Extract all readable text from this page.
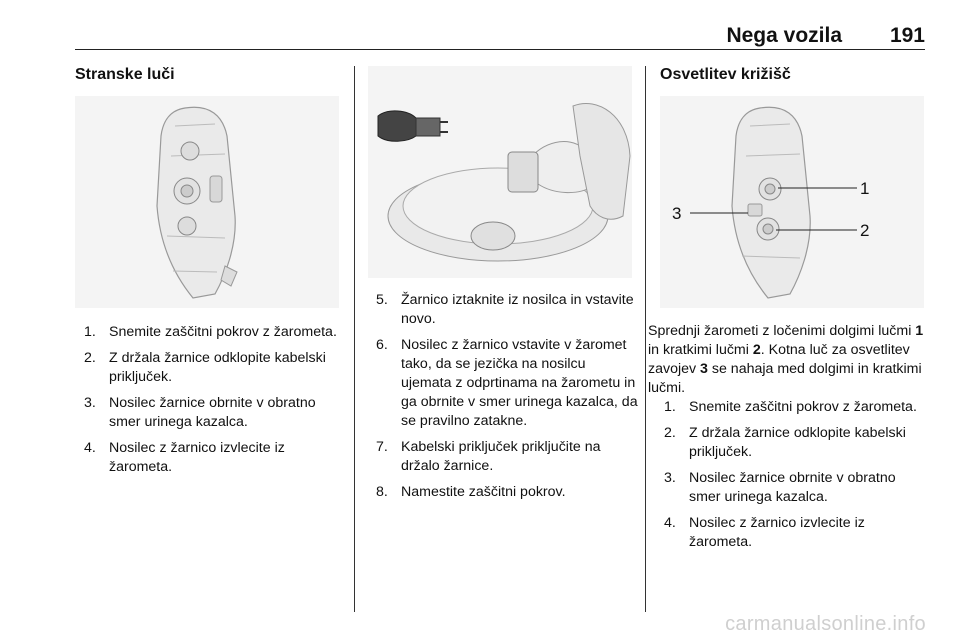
Nega vozila 191
Stranske luči
1. Snemite zaščitni pokrov z žarometa.
2. Z držala žarnice odklopite kabelski priključek.
3. Nosilec žarnice obrnite v obratno smer urinega kazalca.
4. Nosilec z žarnico izvlecite iz žarometa.
5. Žarnico iztaknite iz nosilca in vstavite novo.
6. Nosilec z žarnico vstavite v žaromet tako, da se jezička na nosilcu ujemata z odprtinama na žarometu in ga obrnite v smer urinega kazalca, da se pravilno zataknе.
7. Kabelski priključek priključite na držalo žarnice.
8. Namestite zaščitni pokrov.
Osvetlitev križišč
1
2
3
Sprednji žarometi z ločenimi dolgimi lučmi 1 in kratkimi lučmi 2. Kotna luč za osvetlitev zavojev 3 se nahaja med dolgimi in kratkimi lučmi.
1. Snemite zaščitni pokrov z žarometa.
2. Z držala žarnice odklopite kabelski priključek.
3. Nosilec žarnice obrnite v obratno smer urinega kazalca.
4. Nosilec z žarnico izvlecite iz žarometa.
carmanualsonline.info
